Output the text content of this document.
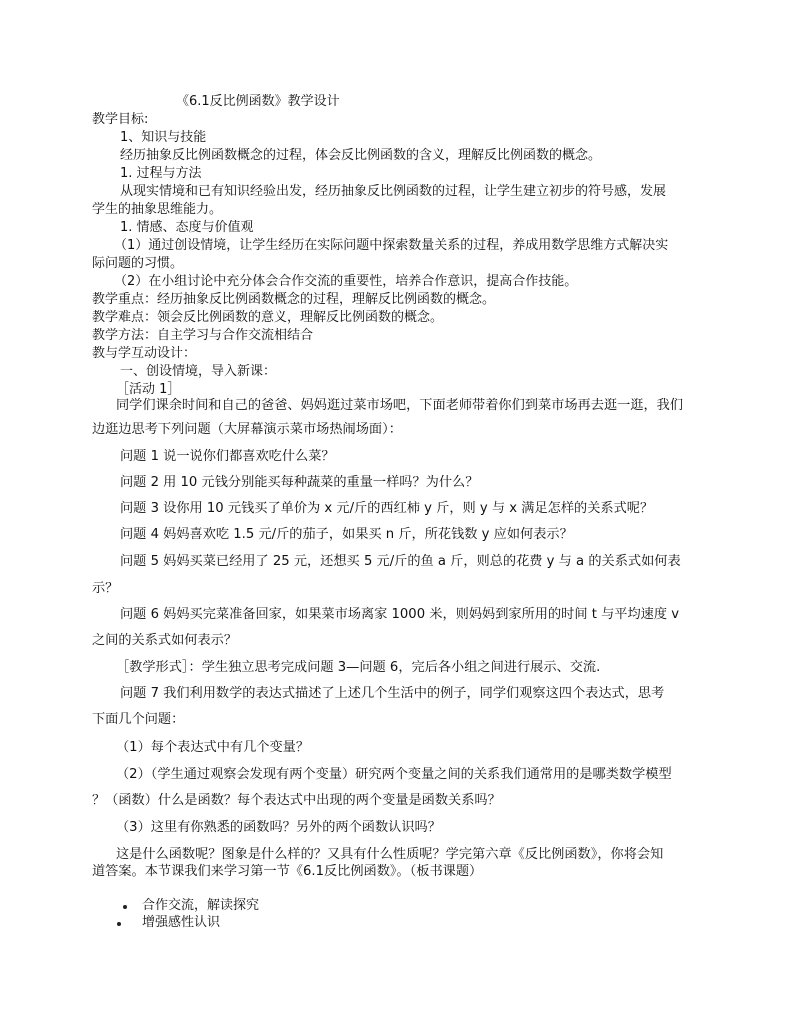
《6.1反比例函数》教学设计
教学目标:
1、知识与技能
经历抽象反比例函数概念的过程，体会反比例函数的含义，理解反比例函数的概念。
1. 过程与方法
从现实情境和已有知识经验出发，经历抽象反比例函数的过程，让学生建立初步的符号感，发展
学生的抽象思维能力。
1. 情感、态度与价值观
（1）通过创设情境，让学生经历在实际问题中探索数量关系的过程，养成用数学思维方式解决实
际问题的习惯。
（2）在小组讨论中充分体会合作交流的重要性，培养合作意识，提高合作技能。
教学重点：经历抽象反比例函数概念的过程，理解反比例函数的概念。
教学难点：领会反比例函数的意义，理解反比例函数的概念。
教学方法：自主学习与合作交流相结合
教与学互动设计：
一、创设情境，导入新课：
［活动 1］
同学们课余时间和自己的爸爸、妈妈逛过菜市场吧，下面老师带着你们到菜市场再去逛一逛，我们
边逛边思考下列问题（大屏幕演示菜市场热闹场面）：
问题 1 说一说你们都喜欢吃什么菜？
问题 2 用 10 元钱分别能买每种蔬菜的重量一样吗？为什么？
问题 3 设你用 10 元钱买了单价为 x 元/斤的西红柿 y 斤，则 y 与 x 满足怎样的关系式呢？
问题 4 妈妈喜欢吃 1.5 元/斤的茄子，如果买 n 斤，所花钱数 y 应如何表示？
问题 5 妈妈买菜已经用了 25 元，还想买 5 元/斤的鱼 a 斤，则总的花费 y 与 a 的关系式如何表
示？
问题 6 妈妈买完菜准备回家，如果菜市场离家 1000 米，则妈妈到家所用的时间 t 与平均速度 v
之间的关系式如何表示？
［教学形式］：学生独立思考完成问题 3—问题 6，完后各小组之间进行展示、交流.
问题 7 我们利用数学的表达式描述了上述几个生活中的例子，同学们观察这四个表达式，思考
下面几个问题：
（1）每个表达式中有几个变量？
（2）（学生通过观察会发现有两个变量）研究两个变量之间的关系我们通常用的是哪类数学模型
？（函数）什么是函数？每个表达式中出现的两个变量是函数关系吗？
（3）这里有你熟悉的函数吗？另外的两个函数认识吗？
这是什么函数呢？图象是什么样的？又具有什么性质呢？学完第六章《反比例函数》，你将会知
道答案。本节课我们来学习第一节《6.1反比例函数》。（板书课题）
合作交流，解读探究
增强感性认识
